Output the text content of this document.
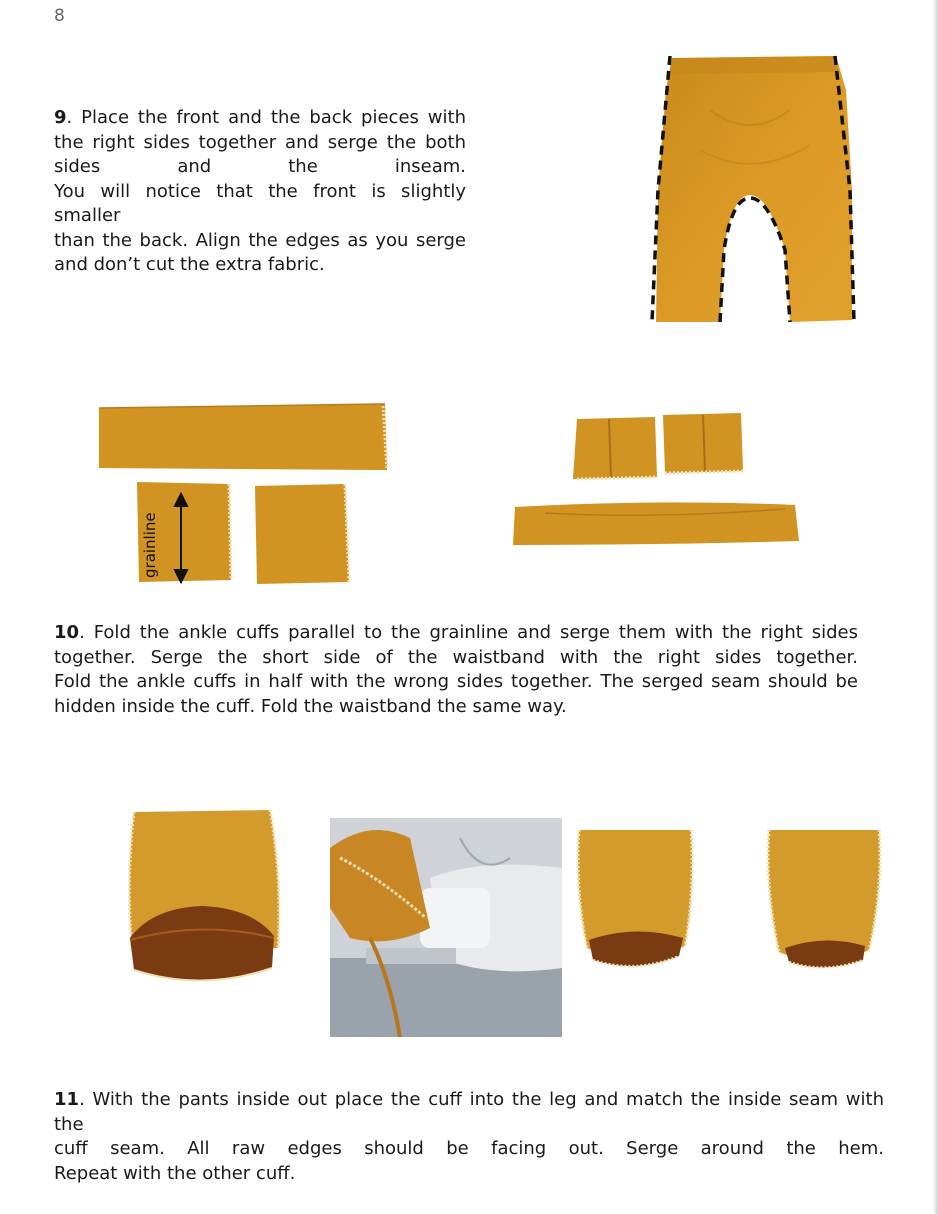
8

9. Place the front and the back pieces with
the right sides together and serge the both
sides and the inseam.
You will notice that the front is slightly smaller
than the back. Align the edges as you serge
and don’t cut the extra fabric.

grainline

10. Fold the ankle cuffs parallel to the grainline and serge them with the right sides
together. Serge the short side of the waistband with the right sides together.
Fold the ankle cuffs in half with the wrong sides together. The serged seam should be
hidden inside the cuff. Fold the waistband the same way.

11. With the pants inside out place the cuff into the leg and match the inside seam with the
cuff seam. All raw edges should be facing out. Serge around the hem.
Repeat with the other cuff.
